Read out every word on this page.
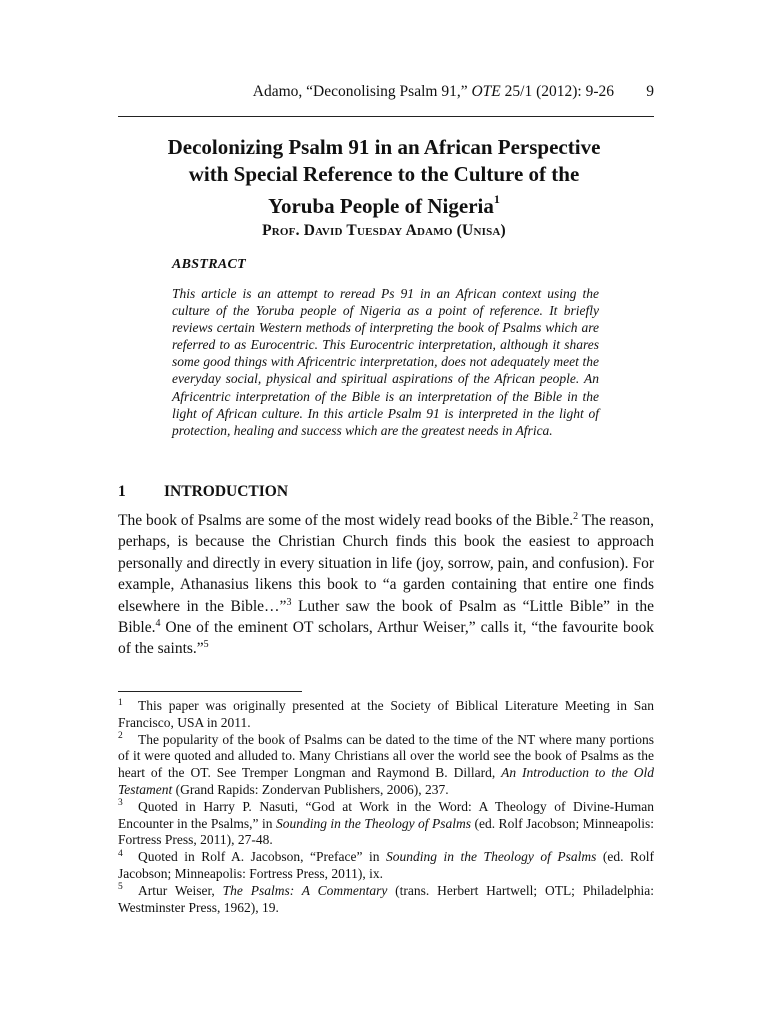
Adamo, “Deconolising Psalm 91,” OTE 25/1 (2012): 9-26 9
Decolonizing Psalm 91 in an African Perspective
with Special Reference to the Culture of the
Yoruba People of Nigeria$^1$
Prof. David Tuesday Adamo (Unisa)
ABSTRACT

This article is an attempt to reread Ps 91 in an African context using the culture of the Yoruba people of Nigeria as a point of reference. It briefly reviews certain Western methods of interpreting the book of Psalms which are referred to as Eurocentric. This Eurocentric interpretation, although it shares some good things with Africentric interpretation, does not adequately meet the everyday social, physical and spiritual aspirations of the African people. An Africentric interpretation of the Bible is an interpretation of the Bible in the light of African culture. In this article Psalm 91 is interpreted in the light of protection, healing and success which are the greatest needs in Africa.

1 INTRODUCTION

The book of Psalms are some of the most widely read books of the Bible.$^2$ The reason, perhaps, is because the Christian Church finds this book the easiest to approach personally and directly in every situation in life (joy, sorrow, pain, and confusion). For example, Athanasius likens this book to “a garden containing that entire one finds elsewhere in the Bible…”$^3$ Luther saw the book of Psalm as “Little Bible” in the Bible.$^4$ One of the eminent OT scholars, Arthur Weiser,” calls it, “the favourite book of the saints.”$^5$

1 This paper was originally presented at the Society of Biblical Literature Meeting in San Francisco, USA in 2011.

2 The popularity of the book of Psalms can be dated to the time of the NT where many portions of it were quoted and alluded to. Many Christians all over the world see the book of Psalms as the heart of the OT. See Tremper Longman and Raymond B. Dillard, An Introduction to the Old Testament (Grand Rapids: Zondervan Publishers, 2006), 237.

3 Quoted in Harry P. Nasuti, “God at Work in the Word: A Theology of Divine-Human Encounter in the Psalms,” in Sounding in the Theology of Psalms (ed. Rolf Jacobson; Minneapolis: Fortress Press, 2011), 27-48.

4 Quoted in Rolf A. Jacobson, “Preface” in Sounding in the Theology of Psalms (ed. Rolf Jacobson; Minneapolis: Fortress Press, 2011), ix.

5 Artur Weiser, The Psalms: A Commentary (trans. Herbert Hartwell; OTL; Philadelphia: Westminster Press, 1962), 19.
